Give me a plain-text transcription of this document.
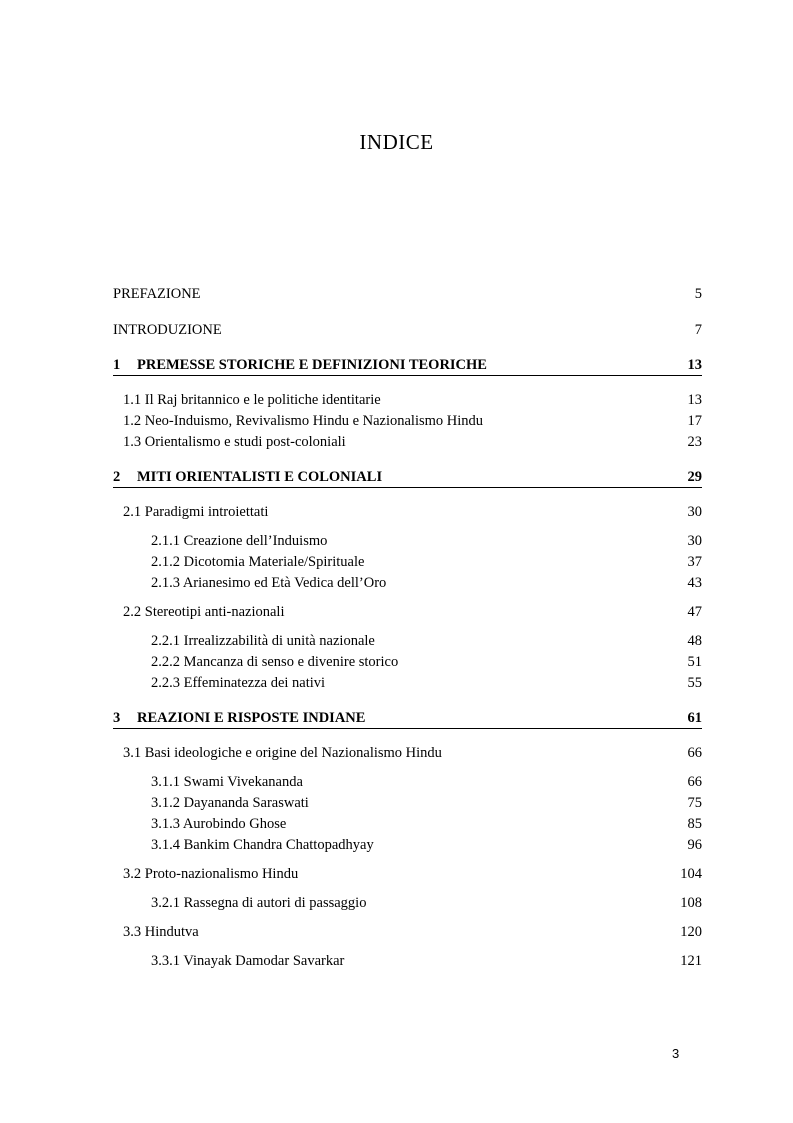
INDICE
PREFAZIONE	5
INTRODUZIONE	7
1 PREMESSE STORICHE E DEFINIZIONI TEORICHE	13
1.1 Il Raj britannico e le politiche identitarie	13
1.2 Neo-Induismo, Revivalismo Hindu e Nazionalismo Hindu	17
1.3 Orientalismo e studi post-coloniali	23
2 MITI ORIENTALISTI E COLONIALI	29
2.1 Paradigmi introiettati	30
2.1.1 Creazione dell’Induismo	30
2.1.2 Dicotomia Materiale/Spirituale	37
2.1.3 Arianesimo ed Età Vedica dell’Oro	43
2.2 Stereotipi anti-nazionali	47
2.2.1 Irrealizzabilità di unità nazionale	48
2.2.2 Mancanza di senso e divenire storico	51
2.2.3 Effeminatezza dei nativi	55
3 REAZIONI E RISPOSTE INDIANE	61
3.1 Basi ideologiche e origine del Nazionalismo Hindu	66
3.1.1 Swami Vivekananda	66
3.1.2 Dayananda Saraswati	75
3.1.3 Aurobindo Ghose	85
3.1.4 Bankim Chandra Chattopadhyay	96
3.2 Proto-nazionalismo Hindu	104
3.2.1 Rassegna di autori di passaggio	108
3.3 Hindutva	120
3.3.1 Vinayak Damodar Savarkar	121
3
